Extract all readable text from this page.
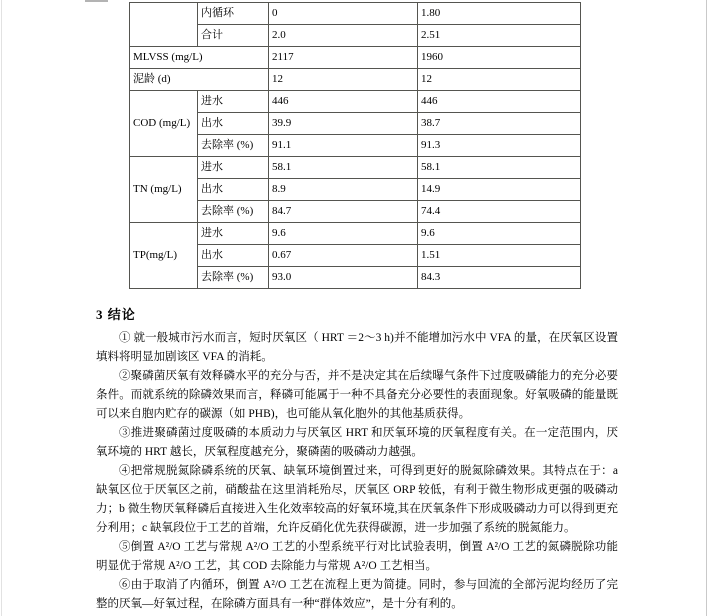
	内循环	0	1.80
	合计	2.0	2.51
MLVSS (mg/L)		2117	1960
泥龄 (d)		12	12
COD (mg/L)	进水	446	446
	出水	39.9	38.7
	去除率 (%)	91.1	91.3
TN (mg/L)	进水	58.1	58.1
	出水	8.9	14.9
	去除率 (%)	84.7	74.4
TP(mg/L)	进水	9.6	9.6
	出水	0.67	1.51
	去除率 (%)	93.0	84.3
3 结论

① 就一般城市污水而言，短时厌氧区（ HRT ＝2～3 h)并不能增加污水中 VFA 的量，在厌氧区设置填料将明显加剧该区 VFA 的消耗。

②聚磷菌厌氧有效释磷水平的充分与否，并不是决定其在后续曝气条件下过度吸磷能力的充分必要条件。而就系统的除磷效果而言，释磷可能属于一种不具备充分必要性的表面现象。好氧吸磷的能量既可以来自胞内贮存的碳源（如 PHB)，也可能从氧化胞外的其他基质获得。

③推进聚磷菌过度吸磷的本质动力与厌氧区 HRT 和厌氧环境的厌氧程度有关。在一定范围内，厌氧环境的 HRT 越长，厌氧程度越充分，聚磷菌的吸磷动力越强。

④把常规脱氮除磷系统的厌氧、缺氧环境倒置过来，可得到更好的脱氮除磷效果。其特点在于：a 缺氧区位于厌氧区之前，硝酸盐在这里消耗殆尽，厌氧区 ORP 较低，有利于微生物形成更强的吸磷动力；b 微生物厌氧释磷后直接进入生化效率较高的好氧环境,其在厌氧条件下形成吸磷动力可以得到更充分利用；c 缺氧段位于工艺的首端，允许反硝化优先获得碳源，进一步加强了系统的脱氮能力。

⑤倒置 A²/O 工艺与常规 A²/O 工艺的小型系统平行对比试验表明，倒置 A²/O 工艺的氮磷脱除功能明显优于常规 A²/O 工艺，其 COD 去除能力与常规 A²/O 工艺相当。

⑥由于取消了内循环，倒置 A²/O 工艺在流程上更为简捷。同时，参与回流的全部污泥均经历了完整的厌氧—好氧过程，在除磷方面具有一种“群体效应”，是十分有利的。
